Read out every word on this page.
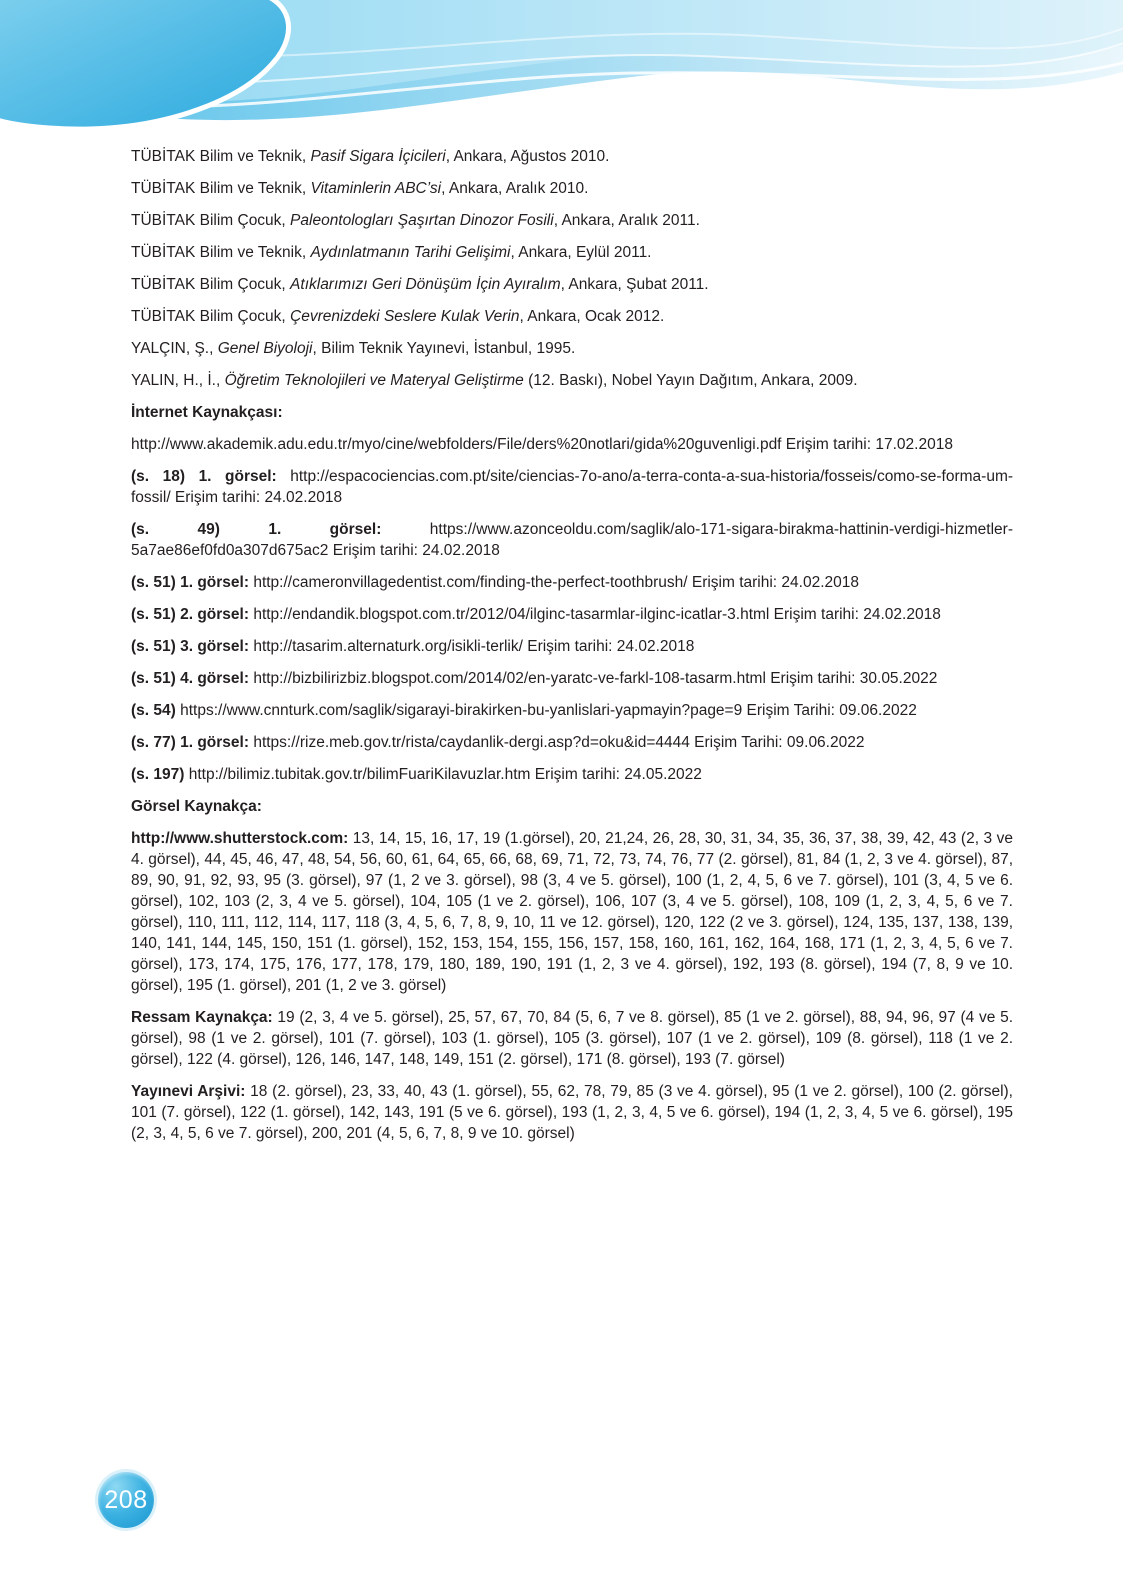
TÜBİTAK Bilim ve Teknik, Pasif Sigara İçicileri, Ankara, Ağustos 2010.

TÜBİTAK Bilim ve Teknik, Vitaminlerin ABC’si, Ankara, Aralık 2010.

TÜBİTAK Bilim Çocuk, Paleontologları Şaşırtan Dinozor Fosili, Ankara, Aralık 2011.

TÜBİTAK Bilim ve Teknik, Aydınlatmanın Tarihi Gelişimi, Ankara, Eylül 2011.

TÜBİTAK Bilim Çocuk, Atıklarımızı Geri Dönüşüm İçin Ayıralım, Ankara, Şubat 2011.

TÜBİTAK Bilim Çocuk, Çevrenizdeki Seslere Kulak Verin, Ankara, Ocak 2012.

YALÇIN, Ş., Genel Biyoloji, Bilim Teknik Yayınevi, İstanbul, 1995.

YALIN, H., İ., Öğretim Teknolojileri ve Materyal Geliştirme (12. Baskı), Nobel Yayın Dağıtım, Ankara, 2009.

İnternet Kaynakçası:

http://www.akademik.adu.edu.tr/myo/cine/webfolders/File/ders%20notlari/gida%20guvenligi.pdf Erişim tarihi: 17.02.2018

(s. 18) 1. görsel: http://espacociencias.com.pt/site/ciencias-7o-ano/a-terra-conta-a-sua-historia/fosseis/como-se-forma-um-fossil/ Erişim tarihi: 24.02.2018

(s. 49) 1. görsel: https://www.azonceoldu.com/saglik/alo-171-sigara-birakma-hattinin-verdigi-hizmetler-5a7ae86ef0fd0a307d675ac2 Erişim tarihi: 24.02.2018

(s. 51) 1. görsel: http://cameronvillagedentist.com/finding-the-perfect-toothbrush/ Erişim tarihi: 24.02.2018

(s. 51) 2. görsel: http://endandik.blogspot.com.tr/2012/04/ilginc-tasarmlar-ilginc-icatlar-3.html Erişim tarihi: 24.02.2018

(s. 51) 3. görsel: http://tasarim.alternaturk.org/isikli-terlik/ Erişim tarihi: 24.02.2018

(s. 51) 4. görsel: http://bizbilirizbiz.blogspot.com/2014/02/en-yaratc-ve-farkl-108-tasarm.html Erişim tarihi: 30.05.2022

(s. 54) https://www.cnnturk.com/saglik/sigarayi-birakirken-bu-yanlislari-yapmayin?page=9 Erişim Tarihi: 09.06.2022

(s. 77) 1. görsel: https://rize.meb.gov.tr/rista/caydanlik-dergi.asp?d=oku&id=4444 Erişim Tarihi: 09.06.2022

(s. 197) http://bilimiz.tubitak.gov.tr/bilimFuariKilavuzlar.htm Erişim tarihi: 24.05.2022

Görsel Kaynakça:

http://www.shutterstock.com: 13, 14, 15, 16, 17, 19 (1.görsel), 20, 21,24, 26, 28, 30, 31, 34, 35, 36, 37, 38, 39, 42, 43 (2, 3 ve 4. görsel), 44, 45, 46, 47, 48, 54, 56, 60, 61, 64, 65, 66, 68, 69, 71, 72, 73, 74, 76, 77 (2. görsel), 81, 84 (1, 2, 3 ve 4. görsel), 87, 89, 90, 91, 92, 93, 95 (3. görsel), 97 (1, 2 ve 3. görsel), 98 (3, 4 ve 5. görsel), 100 (1, 2, 4, 5, 6 ve 7. görsel), 101 (3, 4, 5 ve 6. görsel), 102, 103 (2, 3, 4 ve 5. görsel), 104, 105 (1 ve 2. görsel), 106, 107 (3, 4 ve 5. görsel), 108, 109 (1, 2, 3, 4, 5, 6 ve 7. görsel), 110, 111, 112, 114, 117, 118 (3, 4, 5, 6, 7, 8, 9, 10, 11 ve 12. görsel), 120, 122 (2 ve 3. görsel), 124, 135, 137, 138, 139, 140, 141, 144, 145, 150, 151 (1. görsel), 152, 153, 154, 155, 156, 157, 158, 160, 161, 162, 164, 168, 171 (1, 2, 3, 4, 5, 6 ve 7. görsel), 173, 174, 175, 176, 177, 178, 179, 180, 189, 190, 191 (1, 2, 3 ve 4. görsel), 192, 193 (8. görsel), 194 (7, 8, 9 ve 10. görsel), 195 (1. görsel), 201 (1, 2 ve 3. görsel)

Ressam Kaynakça: 19 (2, 3, 4 ve 5. görsel), 25, 57, 67, 70, 84 (5, 6, 7 ve 8. görsel), 85 (1 ve 2. görsel), 88, 94, 96, 97 (4 ve 5. görsel), 98 (1 ve 2. görsel), 101 (7. görsel), 103 (1. görsel), 105 (3. görsel), 107 (1 ve 2. görsel), 109 (8. görsel), 118 (1 ve 2. görsel), 122 (4. görsel), 126, 146, 147, 148, 149, 151 (2. görsel), 171 (8. görsel), 193 (7. görsel)

Yayınevi Arşivi: 18 (2. görsel), 23, 33, 40, 43 (1. görsel), 55, 62, 78, 79, 85 (3 ve 4. görsel), 95 (1 ve 2. görsel), 100 (2. görsel), 101 (7. görsel), 122 (1. görsel), 142, 143, 191 (5 ve 6. görsel), 193 (1, 2, 3, 4, 5 ve 6. görsel), 194 (1, 2, 3, 4, 5 ve 6. görsel), 195 (2, 3, 4, 5, 6 ve 7. görsel), 200, 201 (4, 5, 6, 7, 8, 9 ve 10. görsel)

208
